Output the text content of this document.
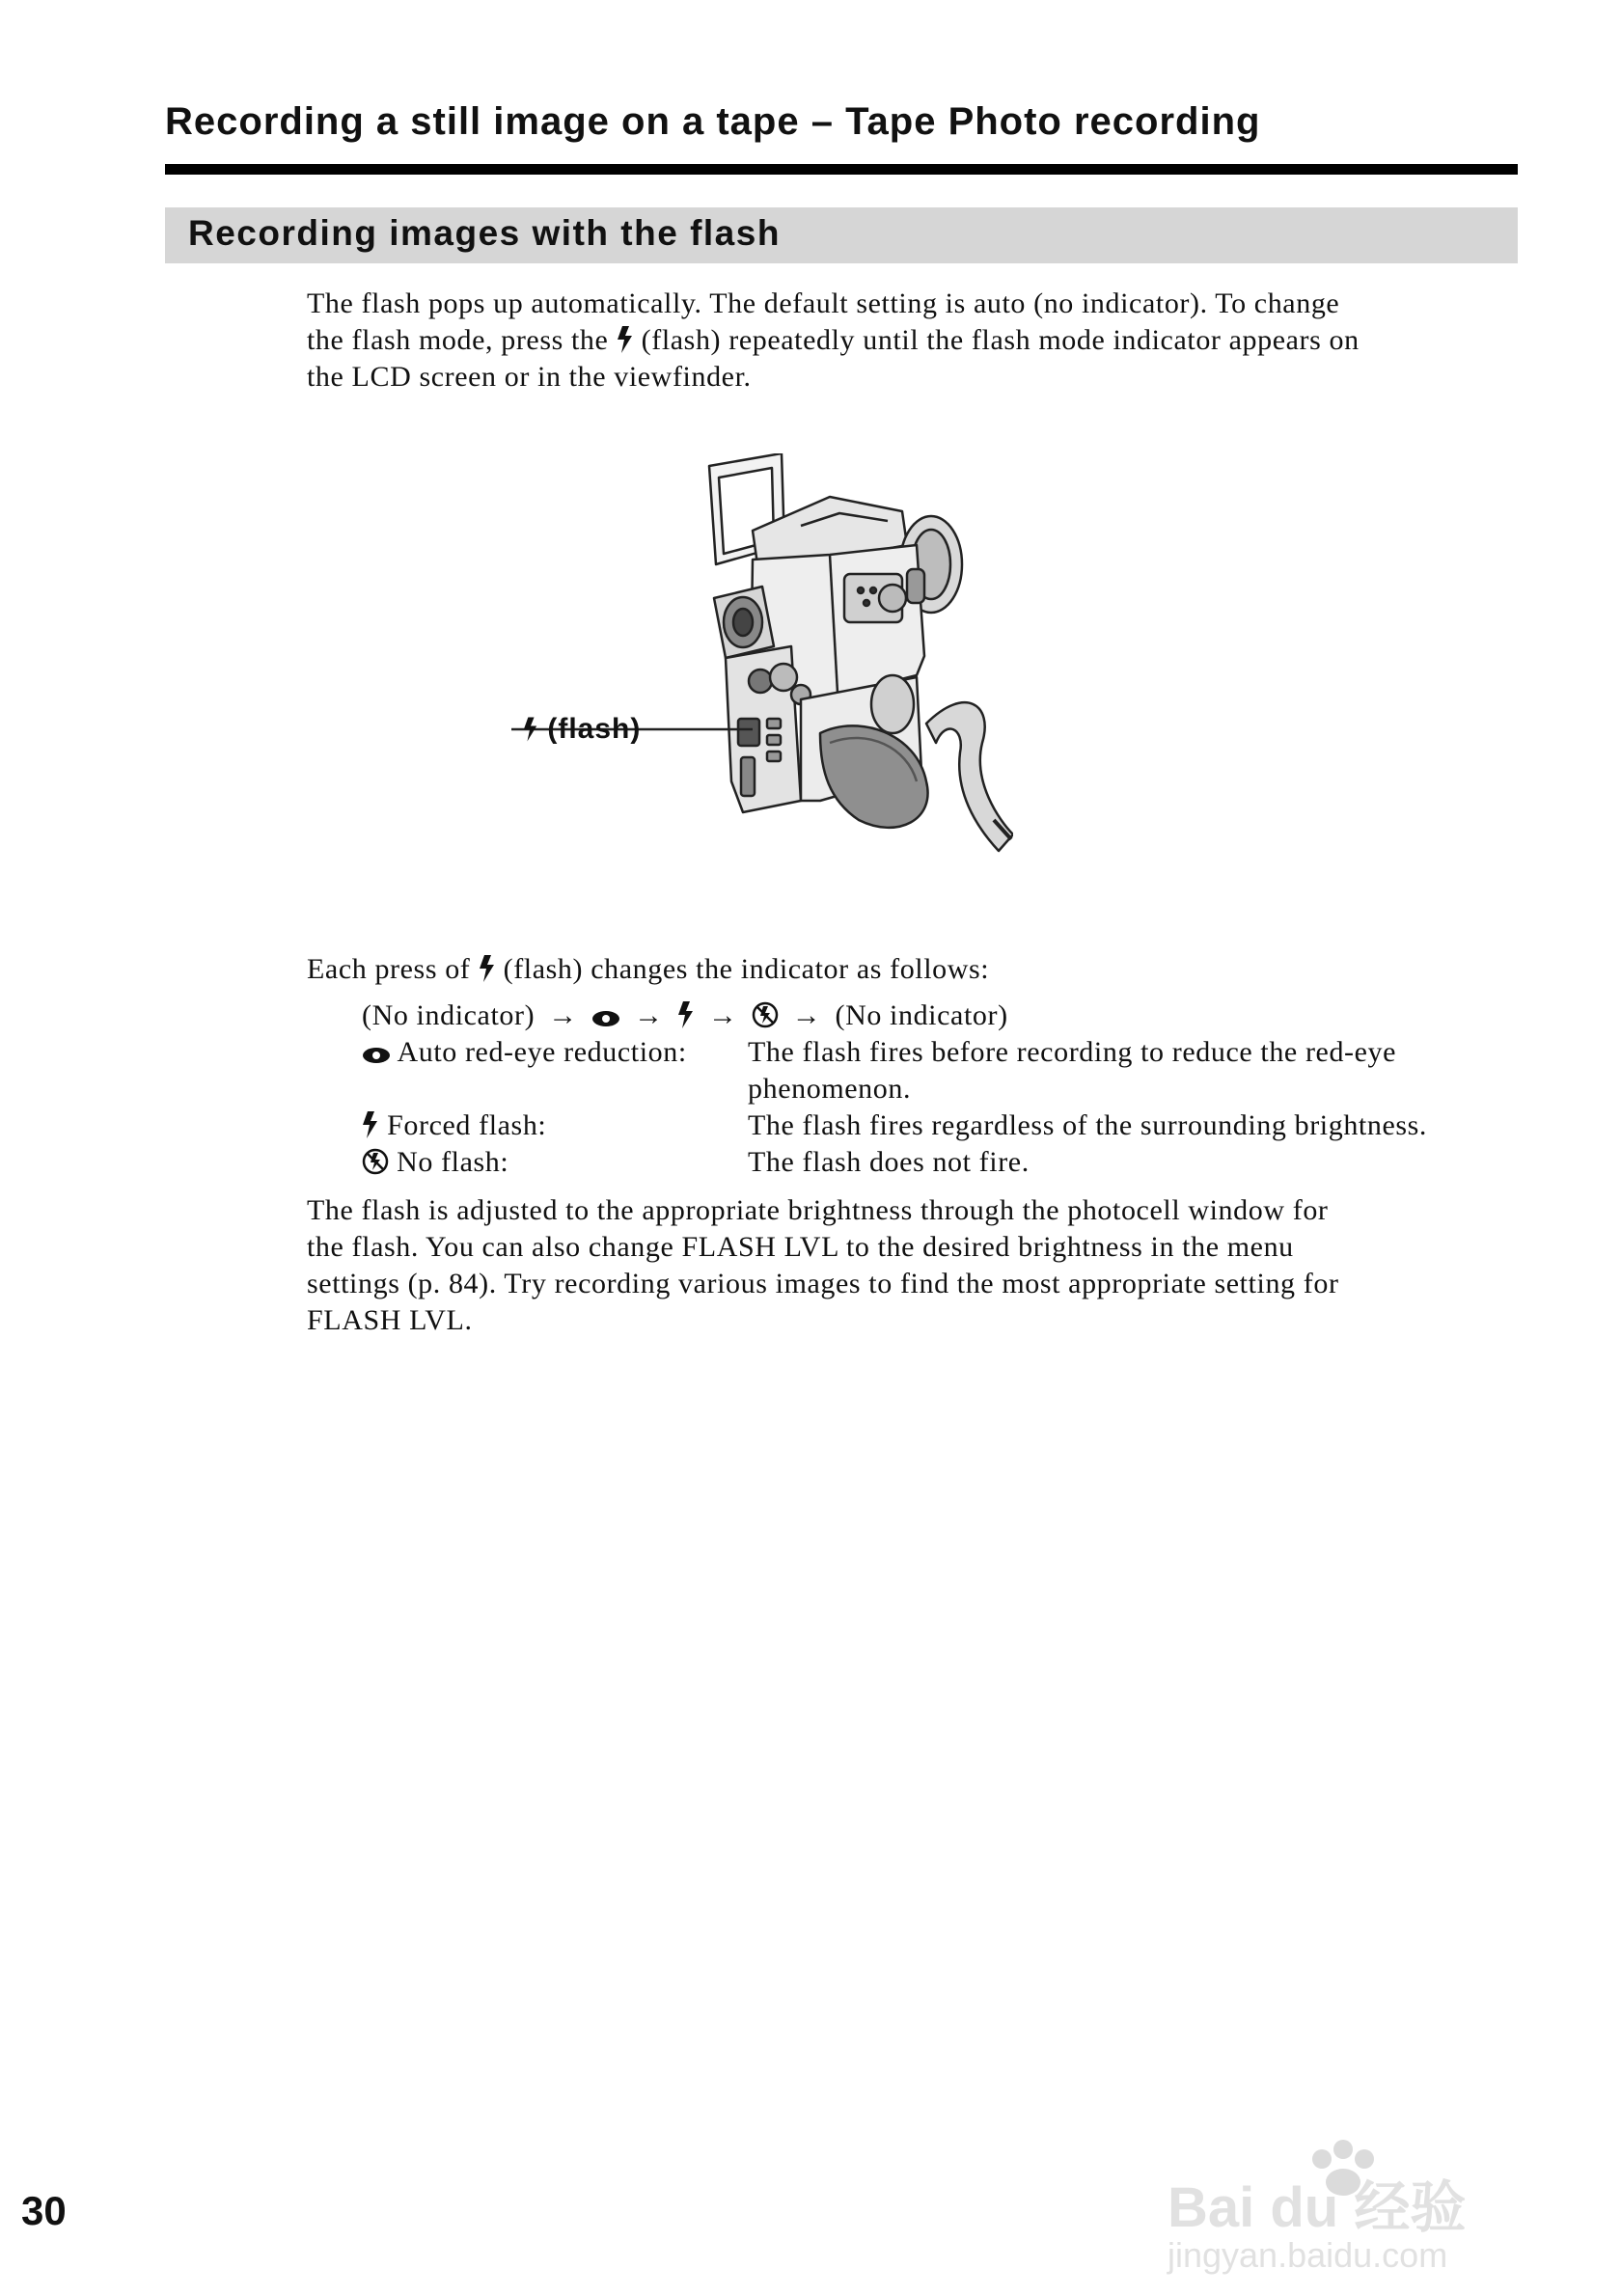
Recording a still image on a tape – Tape Photo recording
Recording images with the flash

The flash pops up automatically. The default setting is auto (no indicator). To change

the flash mode, press the (flash) repeatedly until the flash mode indicator appears on

the LCD screen or in the viewfinder.

(flash)

Each press of (flash) changes the indicator as follows:

(No indicator) → → → → (No indicator)
Auto red-eye reduction: The flash fires before recording to reduce the red-eye
phenomenon.
Forced flash:	The flash fires regardless of the surrounding brightness.
No flash:	The flash does not fire.

The flash is adjusted to the appropriate brightness through the photocell window for

the flash. You can also change FLASH LVL to the desired brightness in the menu

settings (p. 84). Try recording various images to find the most appropriate setting for

FLASH LVL.

30	Bai du 经验
jingyan.baidu.com
